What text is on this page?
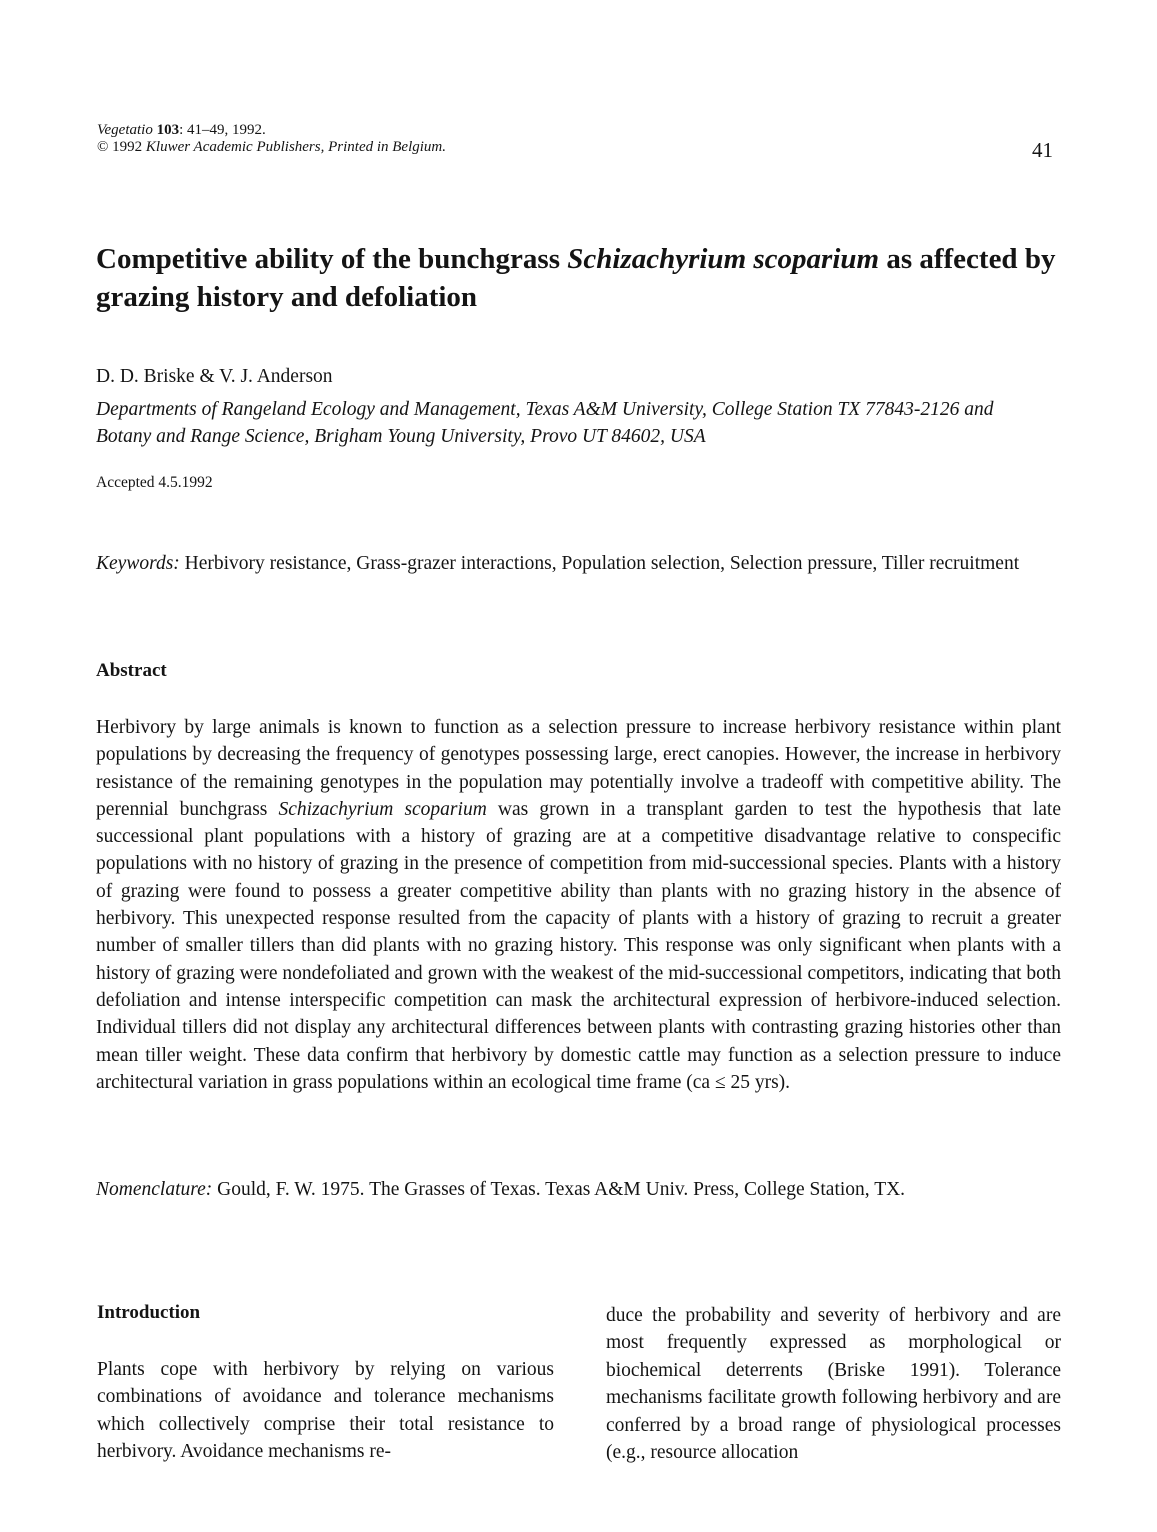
Vegetatio 103: 41–49, 1992.
© 1992 Kluwer Academic Publishers, Printed in Belgium.	41
Competitive ability of the bunchgrass Schizachyrium scoparium as affected by grazing history and defoliation
D. D. Briske & V. J. Anderson
Departments of Rangeland Ecology and Management, Texas A&M University, College Station TX 77843-2126 and Botany and Range Science, Brigham Young University, Provo UT 84602, USA
Accepted 4.5.1992
Keywords: Herbivory resistance, Grass-grazer interactions, Population selection, Selection pressure, Tiller recruitment
Abstract
Herbivory by large animals is known to function as a selection pressure to increase herbivory resistance within plant populations by decreasing the frequency of genotypes possessing large, erect canopies. However, the increase in herbivory resistance of the remaining genotypes in the population may potentially involve a tradeoff with competitive ability. The perennial bunchgrass Schizachyrium scoparium was grown in a transplant garden to test the hypothesis that late successional plant populations with a history of grazing are at a competitive disadvantage relative to conspecific populations with no history of grazing in the presence of competition from mid-successional species. Plants with a history of grazing were found to possess a greater competitive ability than plants with no grazing history in the absence of herbivory. This unexpected response resulted from the capacity of plants with a history of grazing to recruit a greater number of smaller tillers than did plants with no grazing history. This response was only significant when plants with a history of grazing were nondefoliated and grown with the weakest of the mid-successional competitors, indicating that both defoliation and intense interspecific competition can mask the architectural expression of herbivore-induced selection. Individual tillers did not display any architectural differences between plants with contrasting grazing histories other than mean tiller weight. These data confirm that herbivory by domestic cattle may function as a selection pressure to induce architectural variation in grass populations within an ecological time frame (ca ≤ 25 yrs).
Nomenclature: Gould, F. W. 1975. The Grasses of Texas. Texas A&M Univ. Press, College Station, TX.
Introduction
Plants cope with herbivory by relying on various combinations of avoidance and tolerance mechanisms which collectively comprise their total resistance to herbivory. Avoidance mechanisms re-
duce the probability and severity of herbivory and are most frequently expressed as morphological or biochemical deterrents (Briske 1991). Tolerance mechanisms facilitate growth following herbivory and are conferred by a broad range of physiological processes (e.g., resource allocation
